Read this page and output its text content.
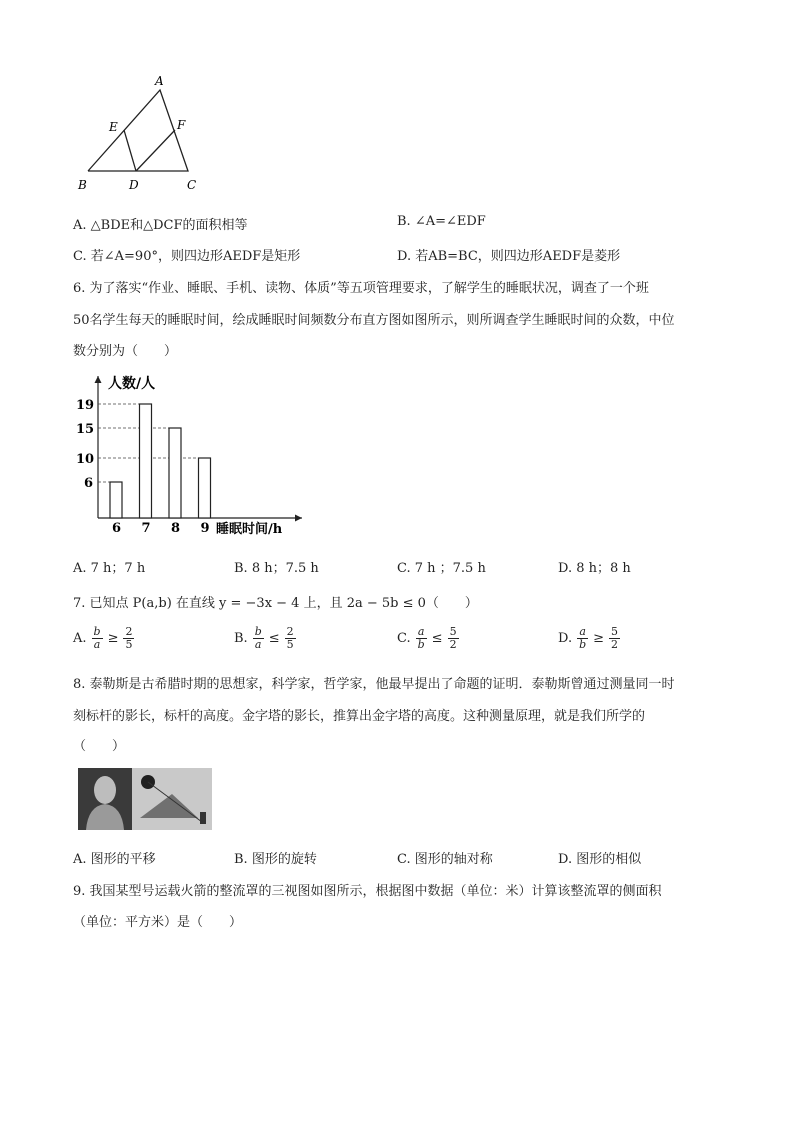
A
E	F
B	D	C
A. △BDE和△DCF的面积相等	B. ∠A=∠EDF
C. 若∠A=90°，则四边形AEDF是矩形	D. 若AB=BC，则四边形AEDF是菱形
6. 为了落实“作业、睡眠、手机、读物、体质”等五项管理要求，了解学生的睡眠状况，调查了一个班
50名学生每天的睡眠时间，绘成睡眠时间频数分布直方图如图所示，则所调查学生睡眠时间的众数，中位
数分别为（　　）
人数/人
睡眠时间/h
6
10
15
19
6 7 8 9
A. 7 h；7 h	B. 8 h；7.5 h	C. 7 h ；7.5 h	D. 8 h；8 h
7. 已知点 P(a,b) 在直线 y = −3x − 4 上，且 2a − 5b ≤ 0（　　）
A. $\frac{b}{a} \ge \frac{2}{5}$	B. $\frac{b}{a} \le \frac{2}{5}$	C. $\frac{a}{b} \le \frac{5}{2}$	D. $\frac{a}{b} \ge \frac{5}{2}$
8. 泰勒斯是古希腊时期的思想家，科学家，哲学家，他最早提出了命题的证明．泰勒斯曾通过测量同一时
刻标杆的影长，标杆的高度。金字塔的影长，推算出金字塔的高度。这种测量原理，就是我们所学的
（　　）
A. 图形的平移	B. 图形的旋转	C. 图形的轴对称	D. 图形的相似
9. 我国某型号运载火箭的整流罩的三视图如图所示，根据图中数据（单位：米）计算该整流罩的侧面积
（单位：平方米）是（　　）
